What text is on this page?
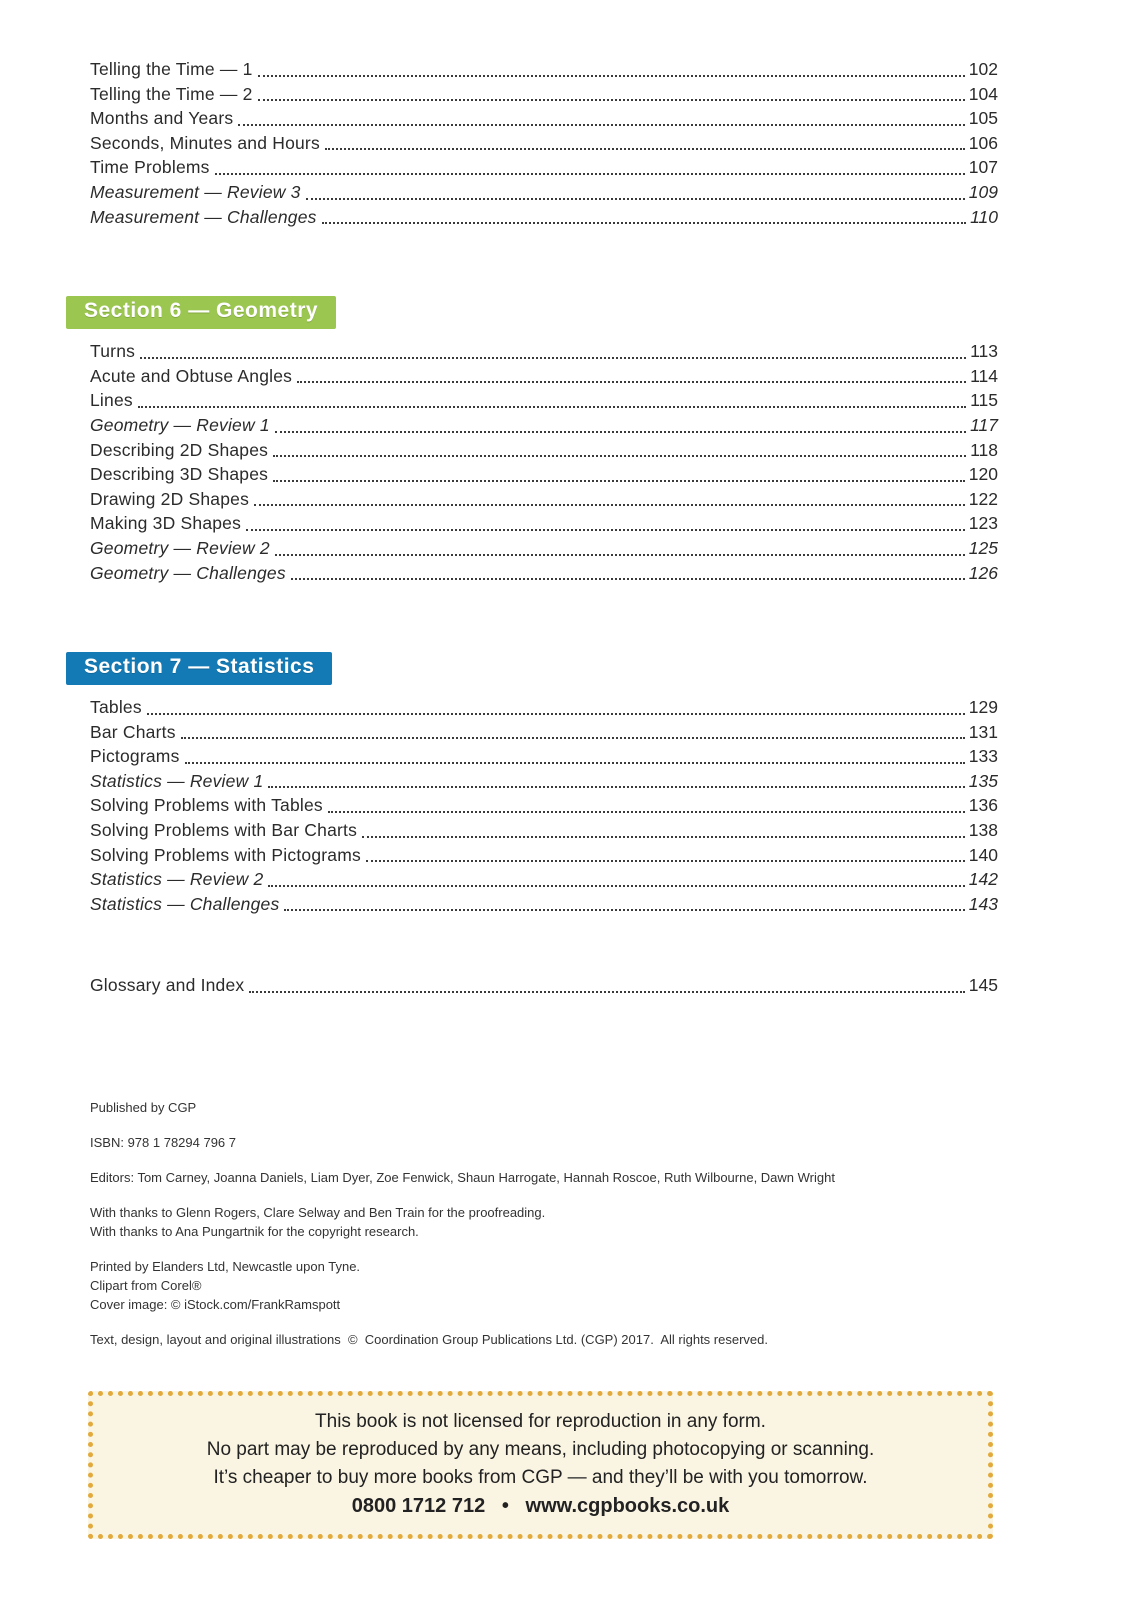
Telling the Time — 1	102
Telling the Time — 2	104
Months and Years	105
Seconds, Minutes and Hours	106
Time Problems	107
Measurement — Review 3	109
Measurement — Challenges	110
Section 6 — Geometry
Turns	113
Acute and Obtuse Angles	114
Lines	115
Geometry — Review 1	117
Describing 2D Shapes	118
Describing 3D Shapes	120
Drawing 2D Shapes	122
Making 3D Shapes	123
Geometry — Review 2	125
Geometry — Challenges	126
Section 7 — Statistics
Tables	129
Bar Charts	131
Pictograms	133
Statistics — Review 1	135
Solving Problems with Tables	136
Solving Problems with Bar Charts	138
Solving Problems with Pictograms	140
Statistics — Review 2	142
Statistics — Challenges	143
Glossary and Index	145

Published by CGP

ISBN: 978 1 78294 796 7

Editors: Tom Carney, Joanna Daniels, Liam Dyer, Zoe Fenwick, Shaun Harrogate, Hannah Roscoe, Ruth Wilbourne, Dawn Wright

With thanks to Glenn Rogers, Clare Selway and Ben Train for the proofreading.
With thanks to Ana Pungartnik for the copyright research.

Printed by Elanders Ltd, Newcastle upon Tyne.
Clipart from Corel®
Cover image: © iStock.com/FrankRamspott

Text, design, layout and original illustrations  ©  Coordination Group Publications Ltd. (CGP) 2017.  All rights reserved.

This book is not licensed for reproduction in any form.

No part may be reproduced by any means, including photocopying or scanning.

It’s cheaper to buy more books from CGP — and they’ll be with you tomorrow.

0800 1712 712   •   www.cgpbooks.co.uk
